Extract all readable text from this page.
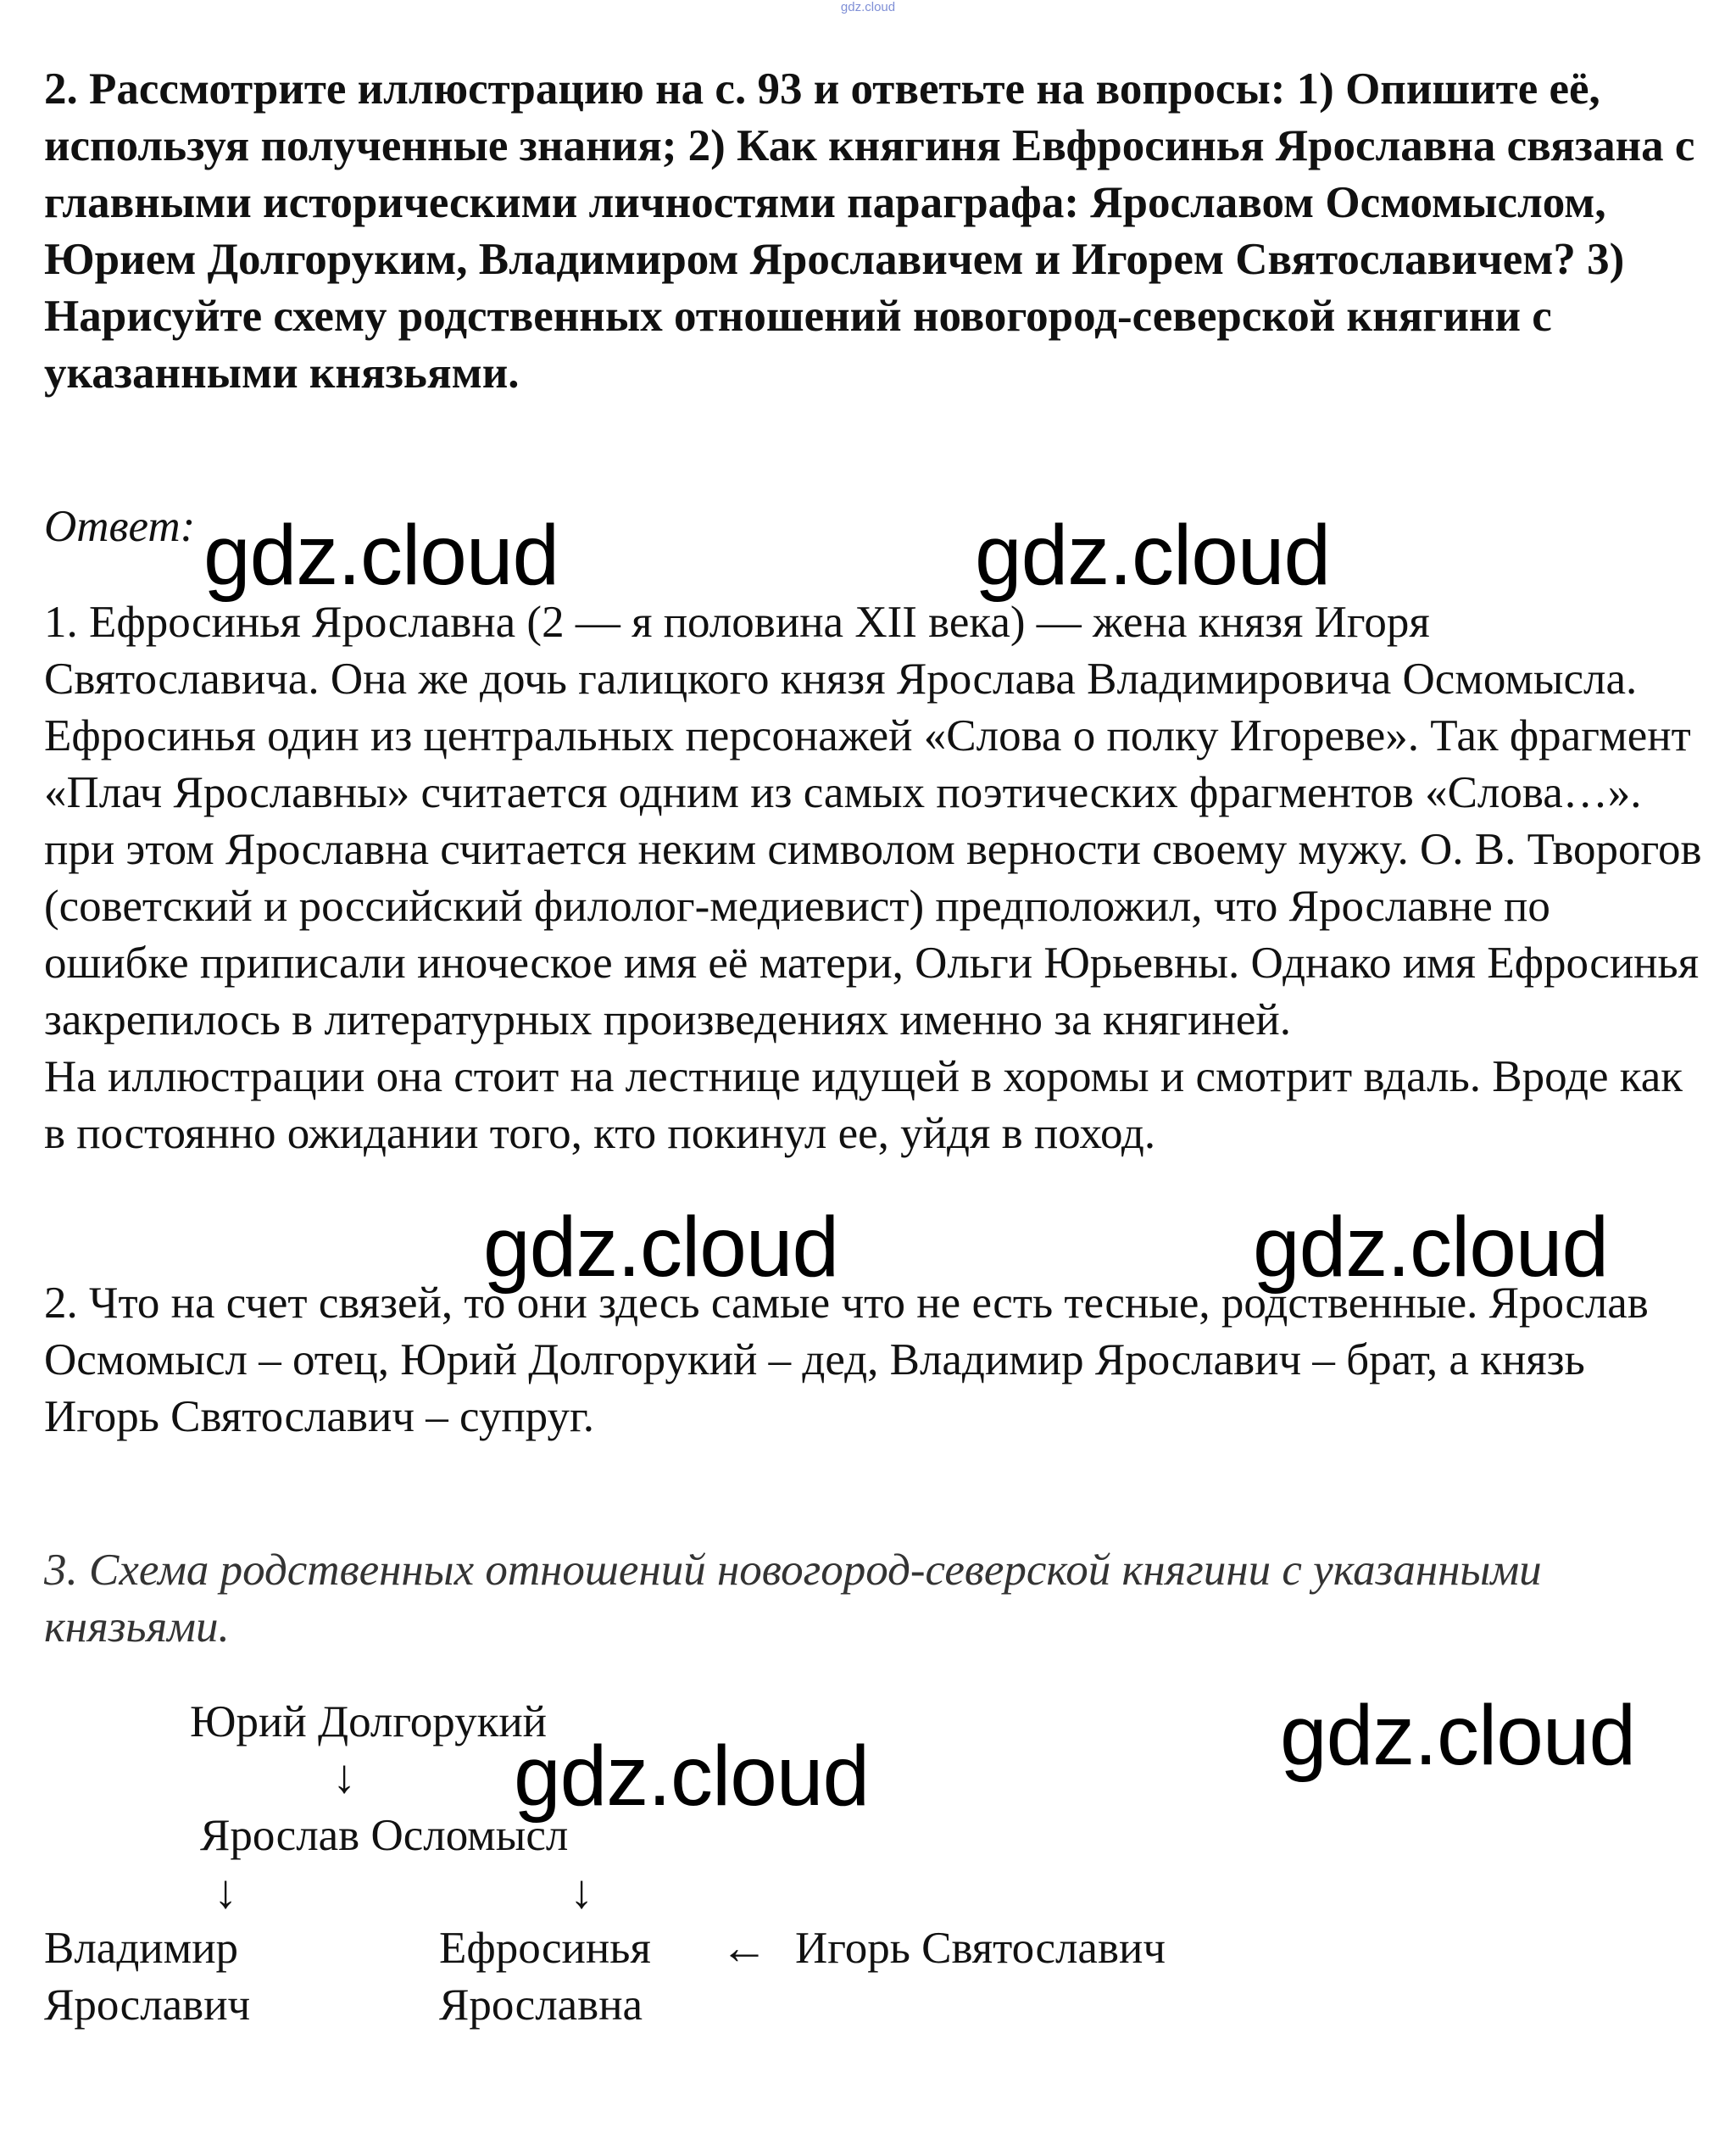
gdz.cloud
2. Рассмотрите иллюстрацию на с. 93 и ответьте на вопросы: 1) Опишите её, используя полученные знания; 2) Как княгиня Евфросинья Ярославна связана с главными историческими личностями параграфа: Ярославом Осмомыслом, Юрием Долгоруким, Владимиром Ярославичем и Игорем Святославичем? 3) Нарисуйте схему родственных отношений новогород-северской княгини с указанными князьями.
Ответ:
1. Ефросинья Ярославна (2 — я половина XII века) — жена князя Игоря Святославича. Она же дочь галицкого князя Ярослава Владимировича Осмомысла. Ефросинья один из центральных персонажей «Слова о полку Игореве». Так фрагмент «Плач Ярославны» считается одним из самых поэтических фрагментов «Слова…». при этом Ярославна считается неким символом верности своему мужу. О. В. Творогов (советский и российский филолог-медиевист) предположил, что Ярославне по ошибке приписали иноческое имя её матери, Ольги Юрьевны. Однако имя Ефросинья закрепилось в литературных произведениях именно за княгиней.
На иллюстрации она стоит на лестнице идущей в хоромы и смотрит вдаль. Вроде как в постоянно ожидании того, кто покинул ее, уйдя в поход.
2. Что на счет связей, то они здесь самые что не есть тесные, родственные. Ярослав Осмомысл – отец, Юрий Долгорукий – дед, Владимир Ярославич – брат, а князь Игорь Святославич – супруг.
3. Схема родственных отношений новогород-северской княгини с указанными князьями.
Юрий Долгорукий
↓
Ярослав Осломысл
↓	↓
Владимир
Ярославич
Ефросинья
Ярославна
← Игорь Святославич
gdz.cloud	gdz.cloud
gdz.cloud	gdz.cloud
gdz.cloud
gdz.cloud
